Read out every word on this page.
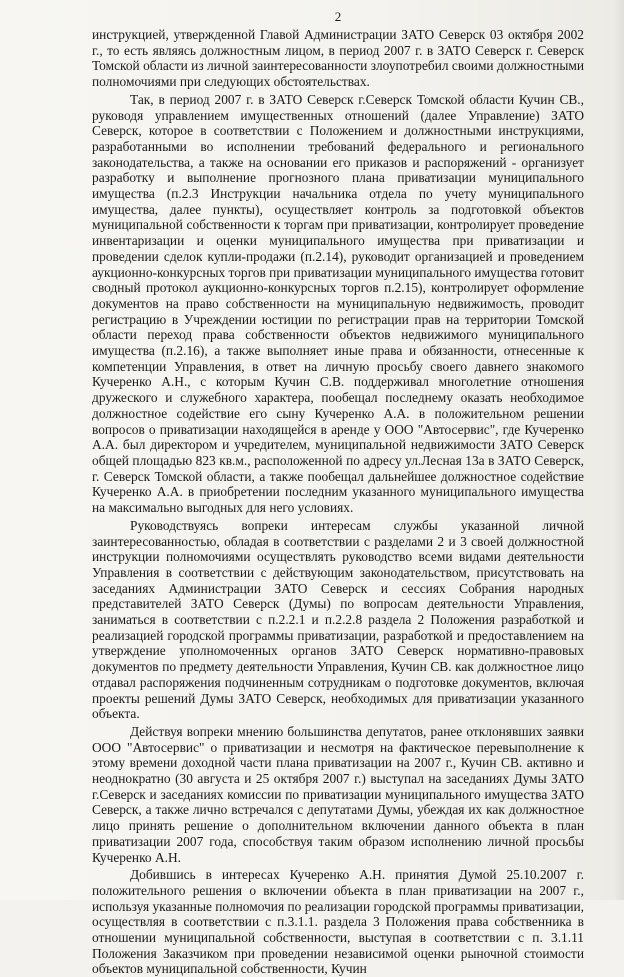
2

инструкцией, утвержденной Главой Администрации ЗАТО Северск 03 октября 2002 г., то есть являясь должностным лицом, в период 2007 г. в ЗАТО Северск г. Северск Томской области из личной заинтересованности злоупотребил своими должностными полномочиями при следующих обстоятельствах.

Так, в период 2007 г. в ЗАТО Северск г.Северск Томской области Кучин СВ., руководя управлением имущественных отношений (далее Управление) ЗАТО Северск, которое в соответствии с Положением и должностными инструкциями, разработанными во исполнении требований федерального и регионального законодательства, а также на основании его приказов и распоряжений - организует разработку и выполнение прогнозного плана приватизации муниципального имущества (п.2.3 Инструкции начальника отдела по учету муниципального имущества, далее пункты), осуществляет контроль за подготовкой объектов муниципальной собственности к торгам при приватизации, контролирует проведение инвентаризации и оценки муниципального имущества при приватизации и проведении сделок купли-продажи (п.2.14), руководит организацией и проведением аукционно-конкурсных торгов при приватизации муниципального имущества готовит сводный протокол аукционно-конкурсных торгов п.2.15), контролирует оформление документов на право собственности на муниципальную недвижимость, проводит регистрацию в Учреждении юстиции по регистрации прав на территории Томской области переход права собственности объектов недвижимого муниципального имущества (п.2.16), а также выполняет иные права и обязанности, отнесенные к компетенции Управления, в ответ на личную просьбу своего давнего знакомого Кучеренко А.Н., с которым Кучин С.В. поддерживал многолетние отношения дружеского и служебного характера, пообещал последнему оказать необходимое должностное содействие его сыну Кучеренко А.А. в положительном решении вопросов о приватизации находящейся в аренде у ООО "Автосервис", где Кучеренко А.А. был директором и учредителем, муниципальной недвижимости ЗАТО Северск общей площадью 823 кв.м., расположенной по адресу ул.Лесная 13а в ЗАТО Северск, г. Северск Томской области, а также пообещал дальнейшее должностное содействие Кучеренко А.А. в приобретении последним указанного муниципального имущества на максимально выгодных для него условиях.

Руководствуясь вопреки интересам службы указанной личной заинтересованностью, обладая в соответствии с разделами 2 и 3 своей должностной инструкции полномочиями осуществлять руководство всеми видами деятельности Управления в соответствии с действующим законодательством, присутствовать на заседаниях Администрации ЗАТО Северск и сессиях Собрания народных представителей ЗАТО Северск (Думы) по вопросам деятельности Управления, заниматься в соответствии с п.2.2.1 и п.2.2.8 раздела 2 Положения разработкой и реализацией городской программы приватизации, разработкой и предоставлением на утверждение уполномоченных органов ЗАТО Северск нормативно-правовых документов по предмету деятельности Управления, Кучин СВ. как должностное лицо отдавал распоряжения подчиненным сотрудникам о подготовке документов, включая проекты решений Думы ЗАТО Северск, необходимых для приватизации указанного объекта.

Действуя вопреки мнению большинства депутатов, ранее отклонявших заявки ООО "Автосервис" о приватизации и несмотря на фактическое перевыполнение к этому времени доходной части плана приватизации на 2007 г., Кучин СВ. активно и неоднократно (30 августа и 25 октября 2007 г.) выступал на заседаниях Думы ЗАТО г.Северск и заседаниях комиссии по приватизации муниципального имущества ЗАТО Северск, а также лично встречался с депутатами Думы, убеждая их как должностное лицо принять решение о дополнительном включении данного объекта в план приватизации 2007 года, способствуя таким образом исполнению личной просьбы Кучеренко А.Н.

Добившись в интересах Кучеренко А.Н. принятия Думой 25.10.2007 г. положительного решения о включении объекта в план приватизации на 2007 г., используя указанные полномочия по реализации городской программы приватизации, осуществляя в соответствии с п.3.1.1. раздела 3 Положения права собственника в отношении муниципальной собственности, выступая в соответствии с п. 3.1.11 Положения Заказчиком при проведении независимой оценки рыночной стоимости объектов муниципальной собственности, Кучин
